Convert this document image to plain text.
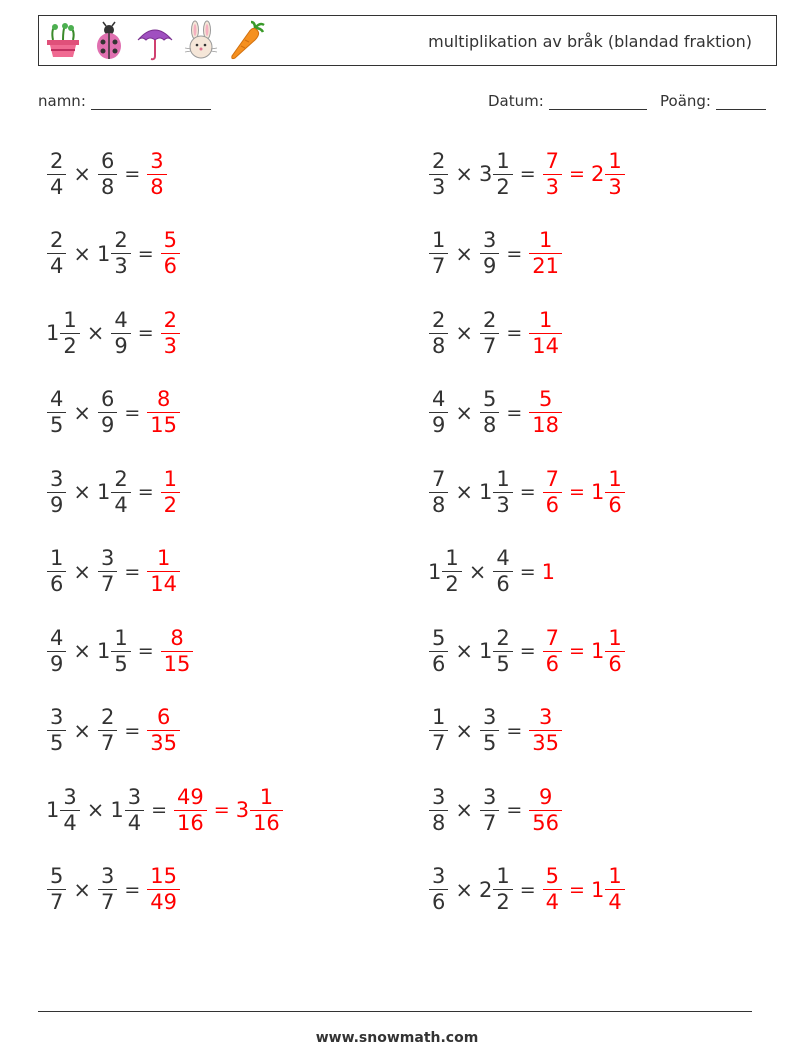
multiplikation av bråk (blandad fraktion)
namn:	Datum:	Poäng:
$\frac{2}{4} \times \frac{6}{8} = \frac{3}{8}$	$\frac{2}{3} \times 3 \frac{1}{2} = \frac{7}{3} = 2 \frac{1}{3}$
$\frac{2}{4} \times 1 \frac{2}{3} = \frac{5}{6}$	$\frac{1}{7} \times \frac{3}{9} = \frac{1}{21}$
$1 \frac{1}{2} \times \frac{4}{9} = \frac{2}{3}$	$\frac{2}{8} \times \frac{2}{7} = \frac{1}{14}$
$\frac{4}{5} \times \frac{6}{9} = \frac{8}{15}$	$\frac{4}{9} \times \frac{5}{8} = \frac{5}{18}$
$\frac{3}{9} \times 1 \frac{2}{4} = \frac{1}{2}$	$\frac{7}{8} \times 1 \frac{1}{3} = \frac{7}{6} = 1 \frac{1}{6}$
$\frac{1}{6} \times \frac{3}{7} = \frac{1}{14}$	$1 \frac{1}{2} \times \frac{4}{6} = 1$
$\frac{4}{9} \times 1 \frac{1}{5} = \frac{8}{15}$	$\frac{5}{6} \times 1 \frac{2}{5} = \frac{7}{6} = 1 \frac{1}{6}$
$\frac{3}{5} \times \frac{2}{7} = \frac{6}{35}$	$\frac{1}{7} \times \frac{3}{5} = \frac{3}{35}$
$1 \frac{3}{4} \times 1 \frac{3}{4} = \frac{49}{16} = 3 \frac{1}{16}$	$\frac{3}{8} \times \frac{3}{7} = \frac{9}{56}$
$\frac{5}{7} \times \frac{3}{7} = \frac{15}{49}$	$\frac{3}{6} \times 2 \frac{1}{2} = \frac{5}{4} = 1 \frac{1}{4}$
www.snowmath.com
